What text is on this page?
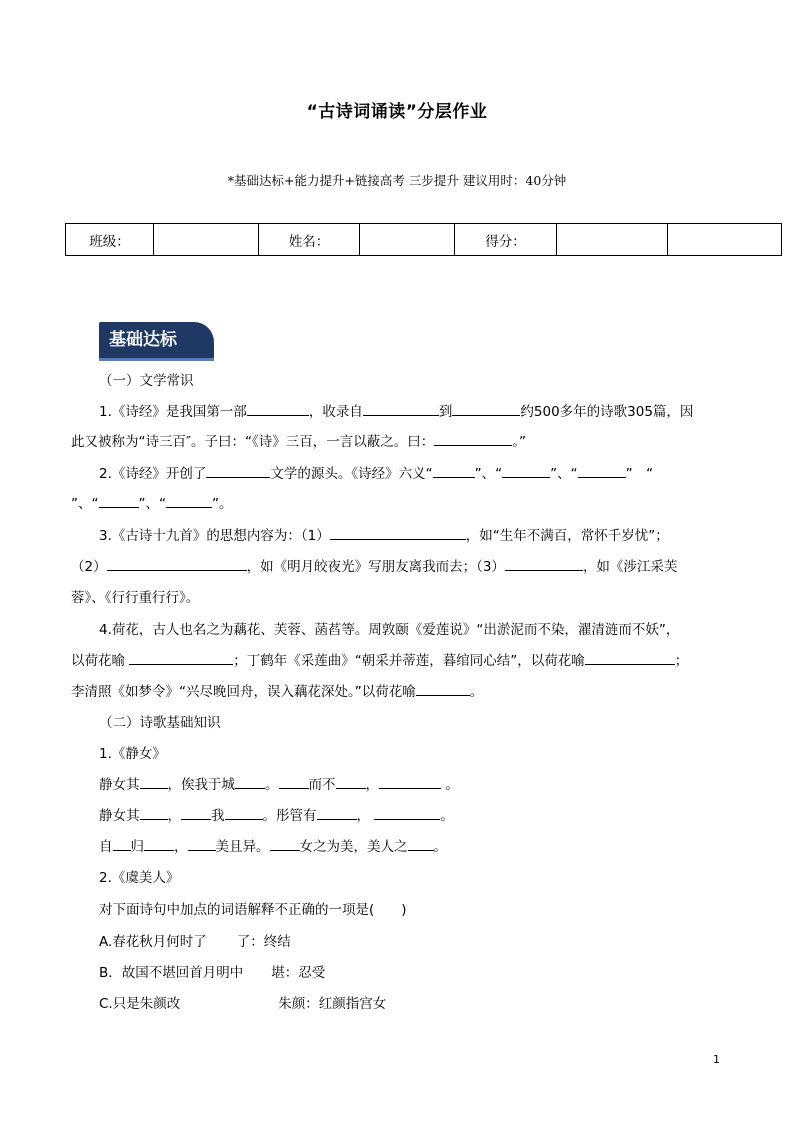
“古诗词诵读”分层作业
*基础达标+能力提升+链接高考 三步提升 建议用时：40分钟
班级：		姓名：		得分：		
基础达标
（一）文学常识
1.《诗经》是我国第一部	，收录自	到	约500多年的诗歌305篇，因
此又被称为“诗三百″。子曰：“《诗》三百，一言以蔽之。曰：	。”
2.《诗经》开创了	文学的源头。《诗经》六义“	”、“	”、“	”　“
”、“	”、“	”。
3.《古诗十九首》的思想内容为：（1）	，如“生年不满百，常怀千岁忧”；
（2）	，如《明月皎夜光》写朋友离我而去；（3）	，如《涉江采芙
蓉》、《行行重行行》。
4.荷花，古人也名之为藕花、芙蓉、菡萏等。周敦颐《爱莲说》“出淤泥而不染，濯清涟而不妖”，
以荷花喻	；丁鹤年《采莲曲》“朝采并蒂莲，暮绾同心结”，以荷花喻	；
李清照《如梦令》“兴尽晚回舟，误入藕花深处。”以荷花喻	。
（二）诗歌基础知识
1.《静女》
静女其 ，俟我于城 。 而不 ，	。
静女其 ， 我	。彤管有	，	。
自 归 ， 美且异。 女之为美，美人之 。
2.《虞美人》
对下面诗句中加点的词语解释不正确的一项是(　　)
A.春花秋月何时了 了：终结
B．故国不堪回首月明中 堪：忍受
C.只是朱颜改	朱颜：红颜指宫女
1
